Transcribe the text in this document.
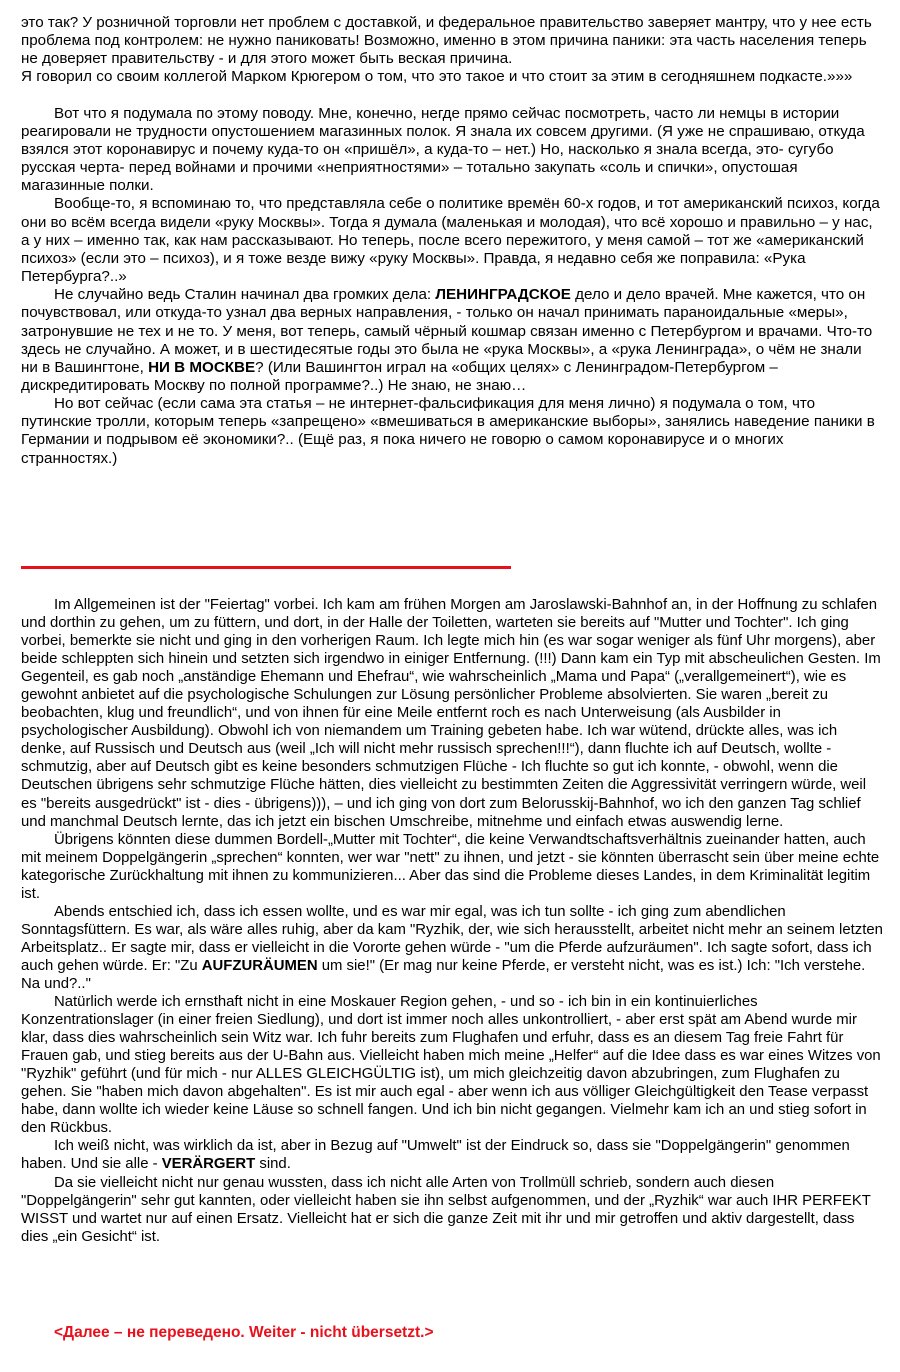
это так? У розничной торговли нет проблем с доставкой, и федеральное правительство заверяет мантру, что у нее есть проблема под контролем: не нужно паниковать! Возможно, именно в этом причина паники: эта часть населения теперь не доверяет правительству - и для этого может быть веская причина.

Я говорил со своим коллегой Марком Крюгером о том, что это такое и что стоит за этим в сегодняшнем подкасте.»»»

Вот что я подумала по этому поводу. Мне, конечно, негде прямо сейчас посмотреть, часто ли немцы в истории реагировали не трудности опустошением магазинных полок. Я знала их совсем другими. (Я уже не спрашиваю, откуда взялся этот коронавирус и почему куда-то он «пришёл», а куда-то – нет.) Но, насколько я знала всегда, это- сугубо русская черта- перед войнами и прочими «неприятностями» – тотально закупать «соль и спички», опустошая магазинные полки.

Вообще-то, я вспоминаю то, что представляла себе о политике времён 60-х годов, и тот американский психоз, когда они во всём всегда видели «руку Москвы». Тогда я думала (маленькая и молодая), что всё хорошо и правильно – у нас, а у них – именно так, как нам рассказывают. Но теперь, после всего пережитого, у меня самой – тот же «американский психоз» (если это – психоз), и я тоже везде вижу «руку Москвы». Правда, я недавно себя же поправила: «Рука Петербурга?..»

Не случайно ведь Сталин начинал два громких дела: ЛЕНИНГРАДСКОЕ дело и дело врачей. Мне кажется, что он почувствовал, или откуда-то узнал два верных направления, - только он начал принимать параноидальные «меры», затронувшие не тех и не то. У меня, вот теперь, самый чёрный кошмар связан именно с Петербургом и врачами. Что-то здесь не случайно. А может, и в шестидесятые годы это была не «рука Москвы», а «рука Ленинграда», о чём не знали ни в Вашингтоне, НИ В МОСКВЕ? (Или Вашингтон играл на «общих целях» с Ленинградом-Петербургом – дискредитировать Москву по полной программе?..) Не знаю, не знаю…

Но вот сейчас (если сама эта статья – не интернет-фальсификация для меня лично) я подумала о том, что путинские тролли, которым теперь «запрещено» «вмешиваться в американские выборы», занялись наведение паники в Германии и подрывом её экономики?.. (Ещё раз, я пока ничего не говорю о самом коронавирусе и о многих странностях.)

Im Allgemeinen ist der "Feiertag" vorbei. Ich kam am frühen Morgen am Jaroslawski-Bahnhof an, in der Hoffnung zu schlafen und dorthin zu gehen, um zu füttern, und dort, in der Halle der Toiletten, warteten sie bereits auf "Mutter und Tochter". Ich ging vorbei, bemerkte sie nicht und ging in den vorherigen Raum. Ich legte mich hin (es war sogar weniger als fünf Uhr morgens), aber beide schleppten sich hinein und setzten sich irgendwo in einiger Entfernung. (!!!) Dann kam ein Typ mit abscheulichen Gesten. Im Gegenteil, es gab noch „anständige Ehemann und Ehefrau“, wie wahrscheinlich „Mama und Papa“ („verallgemeinert“), wie es gewohnt anbietet auf die psychologische Schulungen zur Lösung persönlicher Probleme absolvierten. Sie waren „bereit zu beobachten, klug und freundlich“, und von ihnen für eine Meile entfernt roch es nach Unterweisung (als Ausbilder in psychologischer Ausbildung). Obwohl ich von niemandem um Training gebeten habe. Ich war wütend, drückte alles, was ich denke, auf Russisch und Deutsch aus (weil „Ich will nicht mehr russisch sprechen!!!“), dann fluchte ich auf Deutsch, wollte - schmutzig, aber auf Deutsch gibt es keine besonders schmutzigen Flüche - Ich fluchte so gut ich konnte, - obwohl, wenn die Deutschen übrigens sehr schmutzige Flüche hätten, dies vielleicht zu bestimmten Zeiten die Aggressivität verringern würde, weil es "bereits ausgedrückt" ist - dies - übrigens))), – und ich ging von dort zum Belorusskij-Bahnhof, wo ich den ganzen Tag schlief und manchmal Deutsch lernte, das ich jetzt ein bischen Umschreibe, mitnehme und einfach etwas auswendig lerne.

Übrigens könnten diese dummen Bordell-„Mutter mit Tochter“, die keine Verwandtschaftsverhältnis zueinander hatten, auch mit meinem Doppelgängerin „sprechen“ konnten, wer war "nett" zu ihnen, und jetzt - sie könnten überrascht sein über meine echte kategorische Zurückhaltung mit ihnen zu kommunizieren... Aber das sind die Probleme dieses Landes, in dem Kriminalität legitim ist.

Abends entschied ich, dass ich essen wollte, und es war mir egal, was ich tun sollte - ich ging zum abendlichen Sonntagsfüttern. Es war, als wäre alles ruhig, aber da kam "Ryzhik, der, wie sich herausstellt, arbeitet nicht mehr an seinem letzten Arbeitsplatz.. Er sagte mir, dass er vielleicht in die Vororte gehen würde - "um die Pferde aufzuräumen". Ich sagte sofort, dass ich auch gehen würde. Er: "Zu AUFZURÄUMEN um sie!" (Er mag nur keine Pferde, er versteht nicht, was es ist.) Ich: "Ich verstehe. Na und?.."

Natürlich werde ich ernsthaft nicht in eine Moskauer Region gehen, - und so - ich bin in ein kontinuierliches Konzentrationslager (in einer freien Siedlung), und dort ist immer noch alles unkontrolliert, - aber erst spät am Abend wurde mir klar, dass dies wahrscheinlich sein Witz war. Ich fuhr bereits zum Flughafen und erfuhr, dass es an diesem Tag freie Fahrt für Frauen gab, und stieg bereits aus der U-Bahn aus. Vielleicht haben mich meine „Helfer“ auf die Idee dass es war eines Witzes von "Ryzhik" geführt (und für mich - nur ALLES GLEICHGÜLTIG ist), um mich gleichzeitig davon abzubringen, zum Flughafen zu gehen. Sie "haben mich davon abgehalten". Es ist mir auch egal - aber wenn ich aus völliger Gleichgültigkeit den Tease verpasst habe, dann wollte ich wieder keine Läuse so schnell fangen. Und ich bin nicht gegangen. Vielmehr kam ich an und stieg sofort in den Rückbus.

Ich weiß nicht, was wirklich da ist, aber in Bezug auf "Umwelt" ist der Eindruck so, dass sie "Doppelgängerin" genommen haben. Und sie alle - VERÄRGERT sind.

Da sie vielleicht nicht nur genau wussten, dass ich nicht alle Arten von Trollmüll schrieb, sondern auch diesen "Doppelgängerin" sehr gut kannten, oder vielleicht haben sie ihn selbst aufgenommen, und der „Ryzhik“ war auch IHR PERFEKT WISST und wartet nur auf einen Ersatz. Vielleicht hat er sich die ganze Zeit mit ihr und mir getroffen und aktiv dargestellt, dass dies „ein Gesicht“ ist.

<Далее – не переведено. Weiter - nicht übersetzt.>
